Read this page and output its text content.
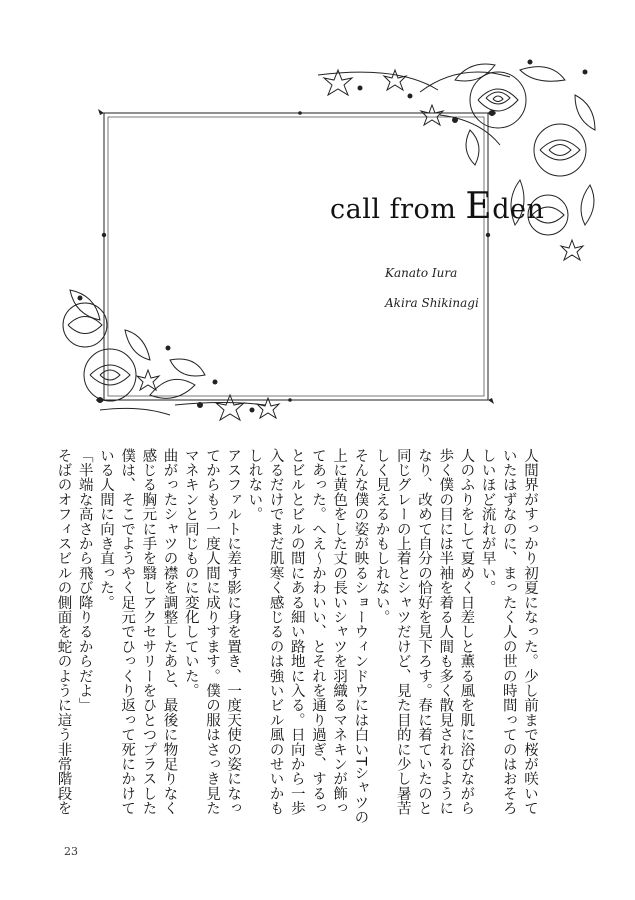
call from Eden
Kanato Iura
Akira Shikinagi

人間界がすっかり初夏になった。少し前まで桜が咲いていたはずなのに、まったく人の世の時間ってのはおそろしいほど流れが早い。

人のふりをして夏めく日差しと薫る風を肌に浴びながら歩く僕の目には半袖を着る人間も多く散見されるようになり、改めて自分の恰好を見下ろす。春に着ていたのと同じグレーの上着とシャツだけど、見た目的に少し暑苦しく見えるかもしれない。

そんな僕の姿が映るショーウィンドウには白いTシャツの上に黄色をした丈の長いシャツを羽織るマネキンが飾ってあった。へえ〜かわいい、とそれを通り過ぎ、するっとビルとビルの間にある細い路地に入る。日向から一歩入るだけでまだ肌寒く感じるのは強いビル風のせいかもしれない。

アスファルトに差す影に身を置き、一度天使の姿になってからもう一度人間に成りすます。僕の服はさっき見たマネキンと同じものに変化していた。

曲がったシャツの襟を調整したあと、最後に物足りなく感じる胸元に手を翳しアクセサリーをひとつプラスした僕は、そこでようやく足元でひっくり返って死にかけている人間に向き直った。

「半端な高さから飛び降りるからだよ」

そばのオフィスビルの側面を蛇のように這う非常階段を

23
